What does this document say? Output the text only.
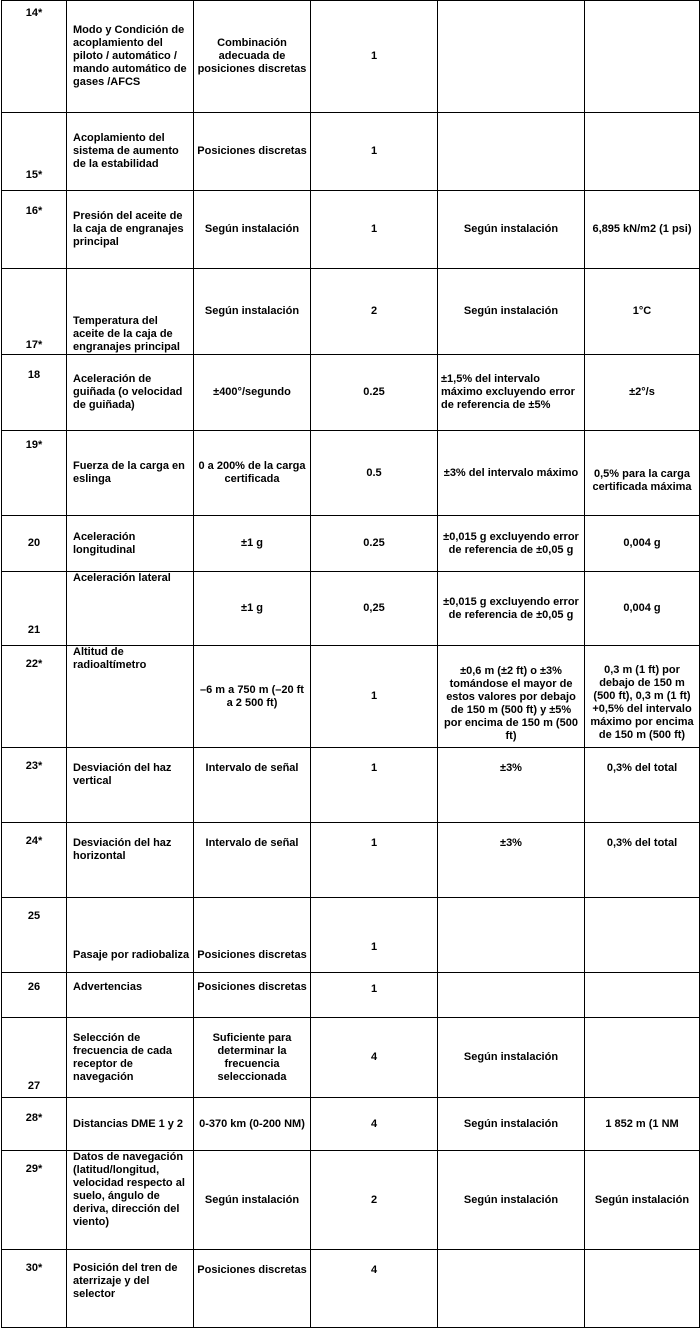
14*	Modo y Condición de acoplamiento del piloto / automático / mando automático de gases /AFCS	Combinación adecuada de posiciones discretas	1		
15*	Acoplamiento del sistema de aumento de la estabilidad	Posiciones discretas	1		
16*	Presión del aceite de la caja de engranajes principal	Según instalación	1	Según instalación	6,895 kN/m2 (1 psi)
17*	Temperatura del aceite de la caja de engranajes principal	Según instalación	2	Según instalación	1°C
18	Aceleración de guiñada (o velocidad de guiñada)	±400°/segundo	0.25	±1,5% del intervalo máximo excluyendo error de referencia de ±5%	±2°/s
19*	Fuerza de la carga en eslinga	0 a 200% de la carga certificada	0.5	±3% del intervalo máximo	0,5% para la carga certificada máxima
20	Aceleración longitudinal	±1 g	0.25	±0,015 g excluyendo error de referencia de ±0,05 g	0,004 g
21	Aceleración lateral	±1 g	0,25	±0,015 g excluyendo error de referencia de ±0,05 g	0,004 g
22*	Altitud de radioaltímetro	–6 m a 750 m (–20 ft a 2 500 ft)	1	±0,6 m (±2 ft) o ±3% tomándose el mayor de estos valores por debajo de 150 m (500 ft) y ±5% por encima de 150 m (500 ft)	0,3 m (1 ft) por debajo de 150 m (500 ft), 0,3 m (1 ft) +0,5% del intervalo máximo por encima de 150 m (500 ft)
23*	Desviación del haz vertical	Intervalo de señal	1	±3%	0,3% del total
24*	Desviación del haz horizontal	Intervalo de señal	1	±3%	0,3% del total
25	Pasaje por radiobaliza	Posiciones discretas	1		
26	Advertencias	Posiciones discretas	1		
27	Selección de frecuencia de cada receptor de navegación	Suficiente para determinar la frecuencia seleccionada	4	Según instalación	
28*	Distancias DME 1 y 2	0-370 km (0-200 NM)	4	Según instalación	1 852 m (1 NM
29*	Datos de navegación (latitud/longitud, velocidad respecto al suelo, ángulo de deriva, dirección del viento)	Según instalación	2	Según instalación	Según instalación
30*	Posición del tren de aterrizaje y del selector	Posiciones discretas	4		
